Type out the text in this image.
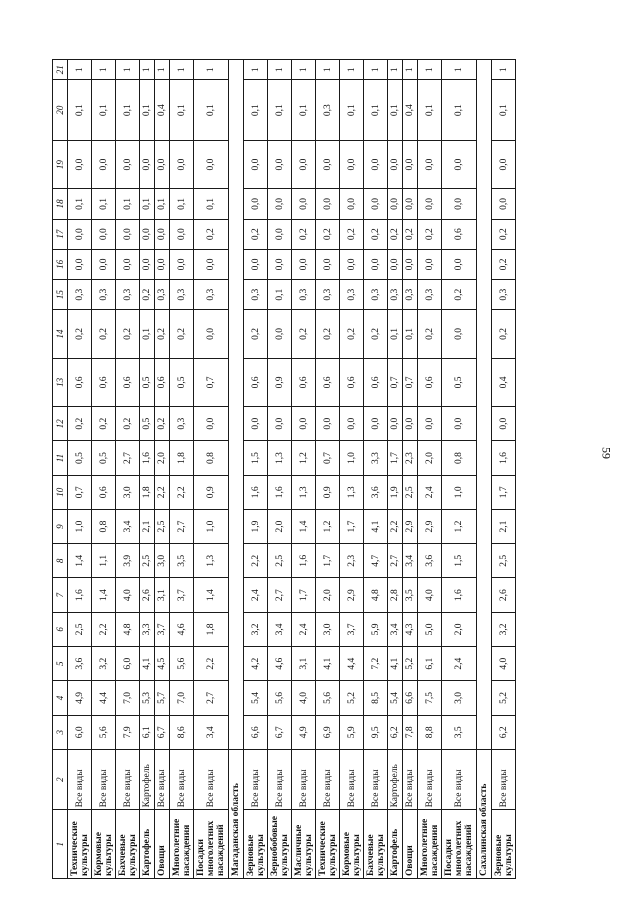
59
1	2	3	4	5	6	7	8	9	10	11	12	13	14	15	16	17	18	19	20	21
Технические культуры	Все виды	6,0	4,9	3,6	2,5	1,6	1,4	1,0	0,7	0,5	0,2	0,6	0,2	0,3	0,0	0,0	0,1	0,0	0,1	1
Кормовые культуры	Все виды	5,6	4,4	3,2	2,2	1,4	1,1	0,8	0,6	0,5	0,2	0,6	0,2	0,3	0,0	0,0	0,1	0,0	0,1	1
Бахчевые культуры	Все виды	7,9	7,0	6,0	4,8	4,0	3,9	3,4	3,0	2,7	0,2	0,6	0,2	0,3	0,0	0,0	0,1	0,0	0,1	1
Картофель	Картофель	6,1	5,3	4,1	3,3	2,6	2,5	2,1	1,8	1,6	0,5	0,5	0,1	0,2	0,0	0,0	0,1	0,0	0,1	1
Овощи	Все виды	6,7	5,7	4,5	3,7	3,1	3,0	2,5	2,2	2,0	0,2	0,6	0,2	0,3	0,0	0,0	0,1	0,0	0,4	1
Многолетние насаждения	Все виды	8,6	7,0	5,6	4,6	3,7	3,5	2,7	2,2	1,8	0,3	0,5	0,2	0,3	0,0	0,0	0,1	0,0	0,1	1
Посадки многолетних насаждений	Все виды	3,4	2,7	2,2	1,8	1,4	1,3	1,0	0,9	0,8	0,0	0,7	0,0	0,3	0,0	0,2	0,1	0,0	0,1	1
Магаданская область																				
Зерновые культуры	Все виды	6,6	5,4	4,2	3,2	2,4	2,2	1,9	1,6	1,5	0,0	0,6	0,2	0,3	0,0	0,2	0,0	0,0	0,1	1
Зернобобовые культуры	Все виды	6,7	5,6	4,6	3,4	2,7	2,5	2,0	1,6	1,3	0,0	0,9	0,0	0,1	0,0	0,0	0,0	0,0	0,1	1
Масличные культуры	Все виды	4,9	4,0	3,1	2,4	1,7	1,6	1,4	1,3	1,2	0,0	0,6	0,2	0,3	0,0	0,2	0,0	0,0	0,1	1
Технические культуры	Все виды	6,9	5,6	4,1	3,0	2,0	1,7	1,2	0,9	0,7	0,0	0,6	0,2	0,3	0,0	0,2	0,0	0,0	0,3	1
Кормовые культуры	Все виды	5,9	5,2	4,4	3,7	2,9	2,3	1,7	1,3	1,0	0,0	0,6	0,2	0,3	0,0	0,2	0,0	0,0	0,1	1
Бахчевые культуры	Все виды	9,5	8,5	7,2	5,9	4,8	4,7	4,1	3,6	3,3	0,0	0,6	0,2	0,3	0,0	0,2	0,0	0,0	0,1	1
Картофель	Картофель	6,2	5,4	4,1	3,4	2,8	2,7	2,2	1,9	1,7	0,0	0,7	0,1	0,3	0,0	0,2	0,0	0,0	0,1	1
Овощи	Все виды	7,8	6,6	5,2	4,3	3,5	3,4	2,9	2,5	2,3	0,0	0,7	0,1	0,3	0,0	0,2	0,0	0,0	0,4	1
Многолетние насаждения	Все виды	8,8	7,5	6,1	5,0	4,0	3,6	2,9	2,4	2,0	0,0	0,6	0,2	0,3	0,0	0,2	0,0	0,0	0,1	1
Посадки многолетних насаждений	Все виды	3,5	3,0	2,4	2,0	1,6	1,5	1,2	1,0	0,8	0,0	0,5	0,0	0,2	0,0	0,6	0,0	0,0	0,1	1
Сахалинская область																				
Зерновые культуры	Все виды	6,2	5,2	4,0	3,2	2,6	2,5	2,1	1,7	1,6	0,0	0,4	0,2	0,3	0,2	0,2	0,0	0,0	0,1	1
